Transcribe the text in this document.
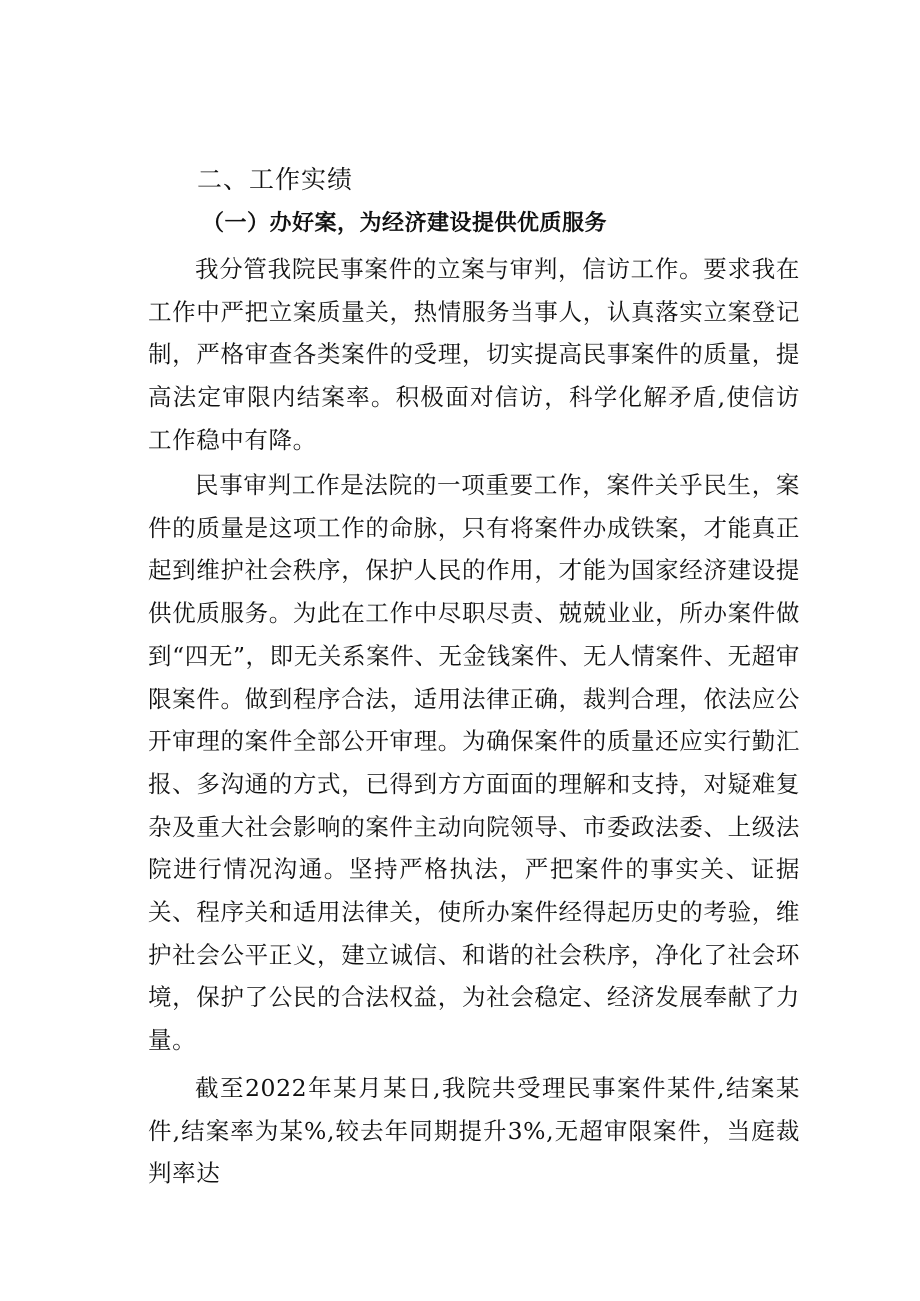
二、工作实绩
（一）办好案，为经济建设提供优质服务

我分管我院民事案件的立案与审判，信访工作。要求我在工作中严把立案质量关，热情服务当事人，认真落实立案登记制，严格审查各类案件的受理，切实提高民事案件的质量，提高法定审限内结案率。积极面对信访，科学化解矛盾,使信访工作稳中有降。

民事审判工作是法院的一项重要工作，案件关乎民生，案件的质量是这项工作的命脉，只有将案件办成铁案，才能真正起到维护社会秩序，保护人民的作用，才能为国家经济建设提供优质服务。为此在工作中尽职尽责、兢兢业业，所办案件做到“四无”，即无关系案件、无金钱案件、无人情案件、无超审限案件。做到程序合法，适用法律正确，裁判合理，依法应公开审理的案件全部公开审理。为确保案件的质量还应实行勤汇报、多沟通的方式，已得到方方面面的理解和支持，对疑难复杂及重大社会影响的案件主动向院领导、市委政法委、上级法院进行情况沟通。坚持严格执法，严把案件的事实关、证据关、程序关和适用法律关，使所办案件经得起历史的考验，维护社会公平正义，建立诚信、和谐的社会秩序，净化了社会环境，保护了公民的合法权益，为社会稳定、经济发展奉献了力量。

截至2022年某月某日,我院共受理民事案件某件,结案某件,结案率为某%,较去年同期提升3%,无超审限案件，当庭裁判率达
